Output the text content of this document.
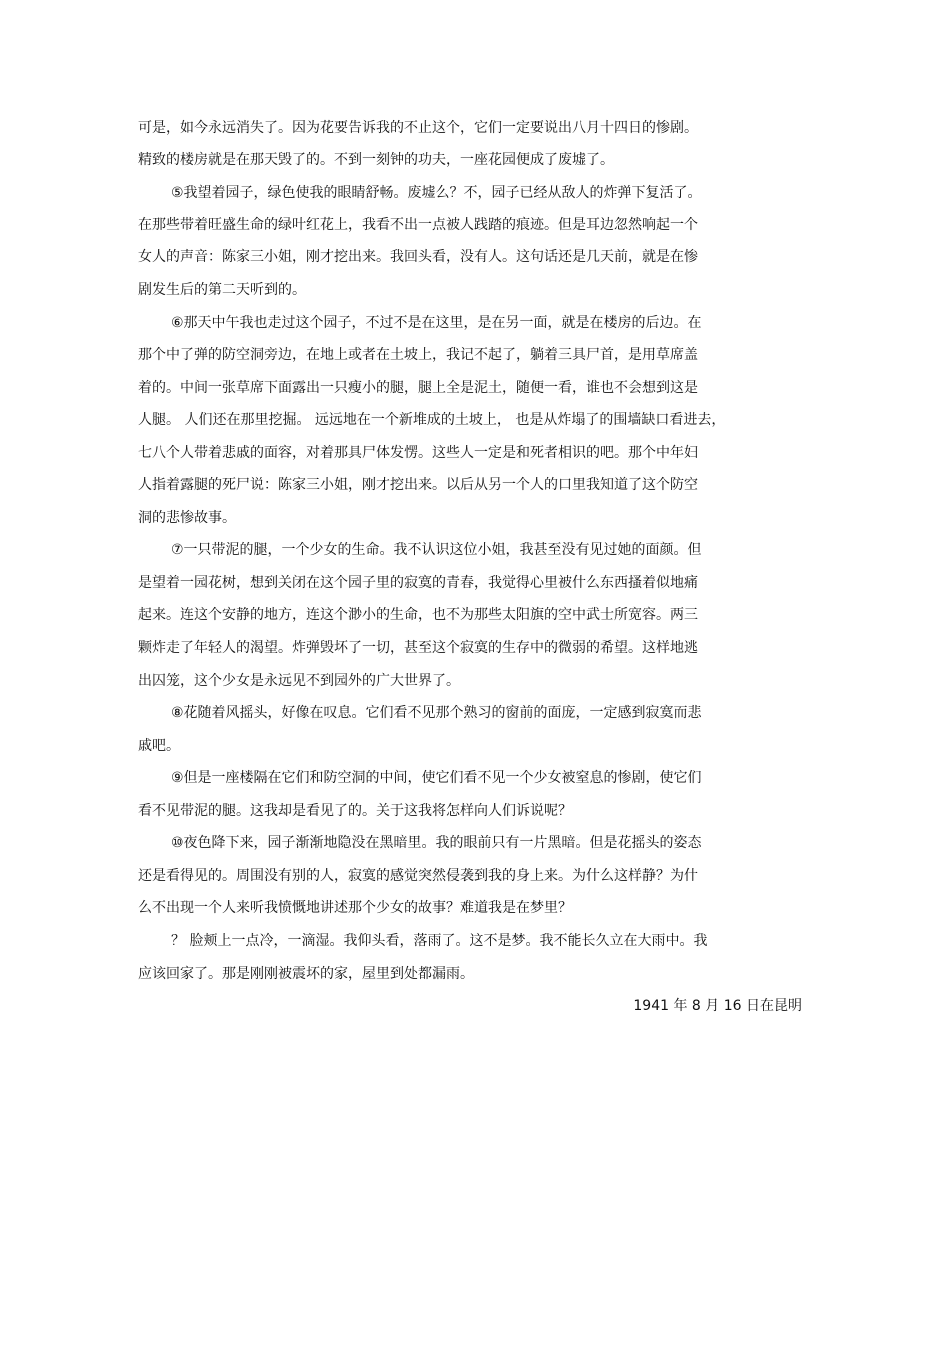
可是，如今永远消失了。因为花要告诉我的不止这个，它们一定要说出八月十四日的惨剧。
精致的楼房就是在那天毁了的。不到一刻钟的功夫，一座花园便成了废墟了。
⑤我望着园子，绿色使我的眼睛舒畅。废墟么？不，园子已经从敌人的炸弹下复活了。
在那些带着旺盛生命的绿叶红花上，我看不出一点被人践踏的痕迹。但是耳边忽然响起一个
女人的声音：陈家三小姐，刚才挖出来。我回头看，没有人。这句话还是几天前，就是在惨
剧发生后的第二天听到的。
⑥那天中午我也走过这个园子，不过不是在这里，是在另一面，就是在楼房的后边。在
那个中了弹的防空洞旁边，在地上或者在土坡上，我记不起了，躺着三具尸首，是用草席盖
着的。中间一张草席下面露出一只瘦小的腿，腿上全是泥土，随便一看，谁也不会想到这是
人腿。 人们还在那里挖掘。 远远地在一个新堆成的土坡上， 也是从炸塌了的围墙缺口看进去，
七八个人带着悲戚的面容，对着那具尸体发愣。这些人一定是和死者相识的吧。那个中年妇
人指着露腿的死尸说：陈家三小姐，刚才挖出来。以后从另一个人的口里我知道了这个防空
洞的悲惨故事。
⑦一只带泥的腿，一个少女的生命。我不认识这位小姐，我甚至没有见过她的面颜。但
是望着一园花树，想到关闭在这个园子里的寂寞的青春，我觉得心里被什么东西搔着似地痛
起来。连这个安静的地方，连这个渺小的生命，也不为那些太阳旗的空中武士所宽容。两三
颗炸走了年轻人的渴望。炸弹毁坏了一切，甚至这个寂寞的生存中的微弱的希望。这样地逃
出囚笼，这个少女是永远见不到园外的广大世界了。
⑧花随着风摇头，好像在叹息。它们看不见那个熟习的窗前的面庞，一定感到寂寞而悲
戚吧。
⑨但是一座楼隔在它们和防空洞的中间，使它们看不见一个少女被窒息的惨剧，使它们
看不见带泥的腿。这我却是看见了的。关于这我将怎样向人们诉说呢？
⑩夜色降下来，园子渐渐地隐没在黑暗里。我的眼前只有一片黑暗。但是花摇头的姿态
还是看得见的。周围没有别的人，寂寞的感觉突然侵袭到我的身上来。为什么这样静？为什
么不出现一个人来听我愤慨地讲述那个少女的故事？难道我是在梦里？
？ 脸颊上一点冷，一滴湿。我仰头看，落雨了。这不是梦。我不能长久立在大雨中。我
应该回家了。那是刚刚被震坏的家，屋里到处都漏雨。
1941 年 8 月 16 日在昆明
